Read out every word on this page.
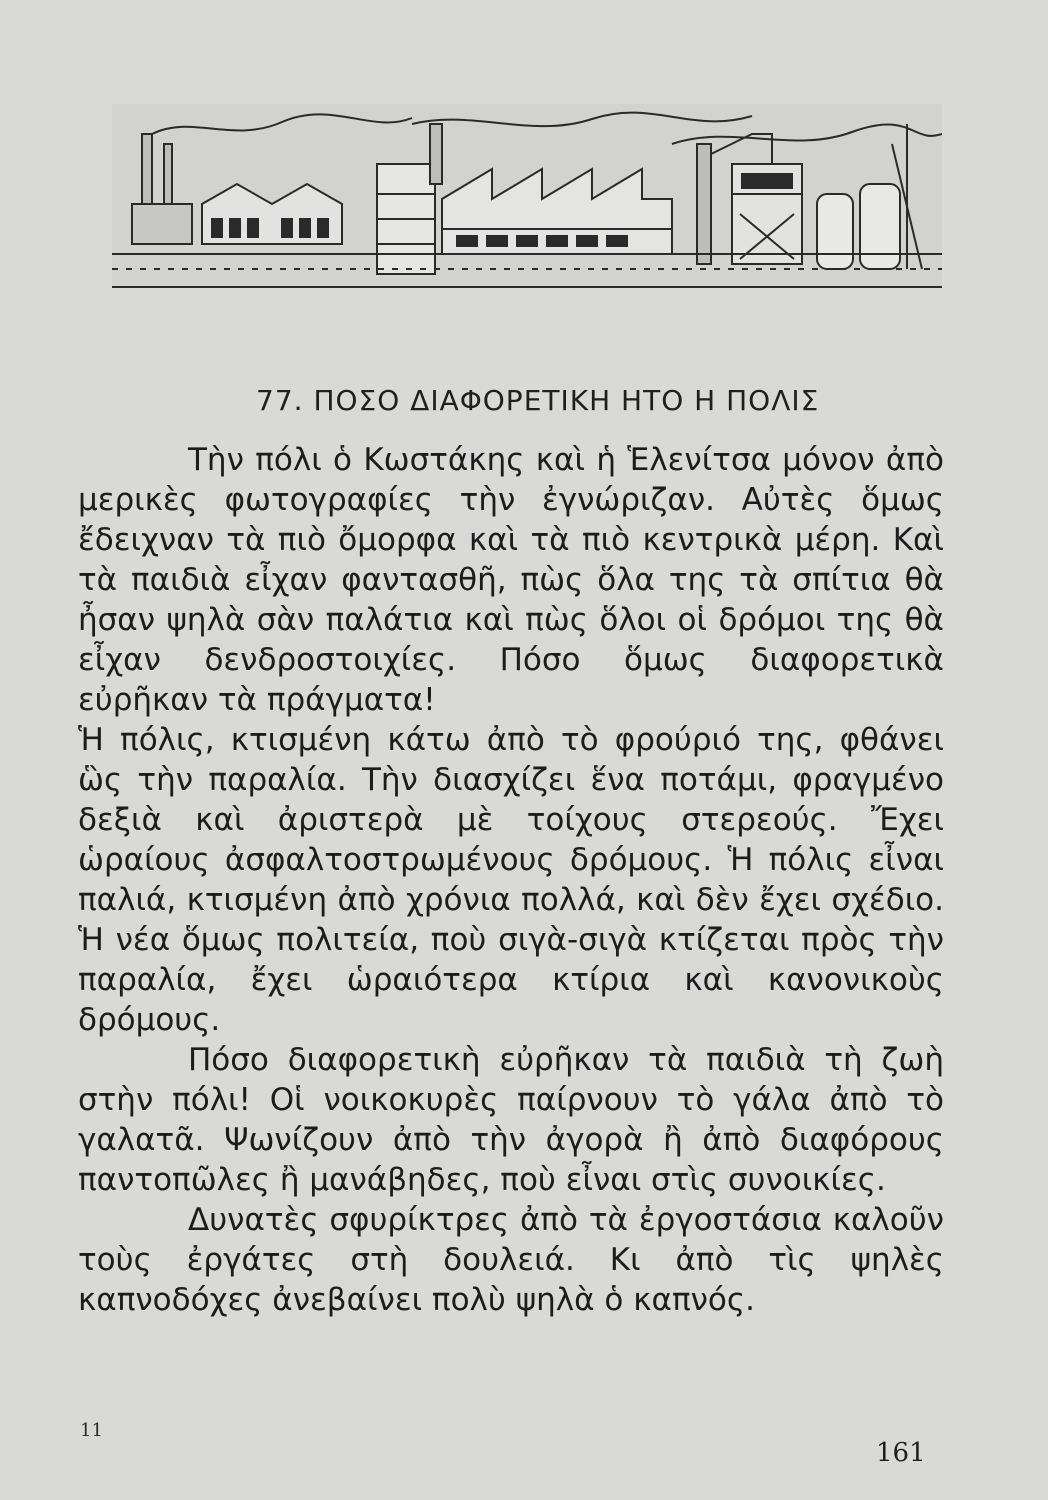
77. ΠΟΣΟ ΔΙΑΦΟΡΕΤΙΚΗ ΗΤΟ Η ΠΟΛΙΣ

Τὴν πόλι ὁ Κωστάκης καὶ ἡ Ἑλενίτσα μόνον ἀπὸ μερικὲς φωτογραφίες τὴν ἐγνώριζαν. Αὐτὲς ὅμως ἔδειχναν τὰ πιὸ ὄμορφα καὶ τὰ πιὸ κεντρικὰ μέρη. Καὶ τὰ παιδιὰ εἶχαν φαντασθῆ, πὼς ὅλα της τὰ σπίτια θὰ ἦσαν ψηλὰ σὰν παλάτια καὶ πὼς ὅλοι οἱ δρόμοι της θὰ εἶχαν δενδροστοιχίες. Πόσο ὅμως διαφορετικὰ εὐρῆκαν τὰ πράγματα!

Ἡ πόλις, κτισμένη κάτω ἀπὸ τὸ φρούριό της, φθάνει ὣς τὴν παραλία. Τὴν διασχίζει ἕνα ποτάμι, φραγμένο δεξιὰ καὶ ἀριστερὰ μὲ τοίχους στερεούς. Ἔχει ὡραίους ἀσφαλτοστρωμένους δρόμους. Ἡ πόλις εἶναι παλιά, κτισμένη ἀπὸ χρόνια πολλά, καὶ δὲν ἔχει σχέδιο. Ἡ νέα ὅμως πολιτεία, ποὺ σιγὰ-σιγὰ κτίζεται πρὸς τὴν παραλία, ἔχει ὡραιότερα κτίρια καὶ κανονικοὺς δρόμους.

Πόσο διαφορετικὴ εὐρῆκαν τὰ παιδιὰ τὴ ζωὴ στὴν πόλι! Οἱ νοικοκυρὲς παίρνουν τὸ γάλα ἀπὸ τὸ γαλατᾶ. Ψωνίζουν ἀπὸ τὴν ἀγορὰ ἢ ἀπὸ διαφόρους παντοπῶλες ἢ μανάβηδες, ποὺ εἶναι στὶς συνοικίες.

Δυνατὲς σφυρίκτρες ἀπὸ τὰ ἐργοστάσια καλοῦν τοὺς ἐργάτες στὴ δουλειά. Κι ἀπὸ τὶς ψηλὲς καπνοδόχες ἀνεβαίνει πολὺ ψηλὰ ὁ καπνός.

11
161
